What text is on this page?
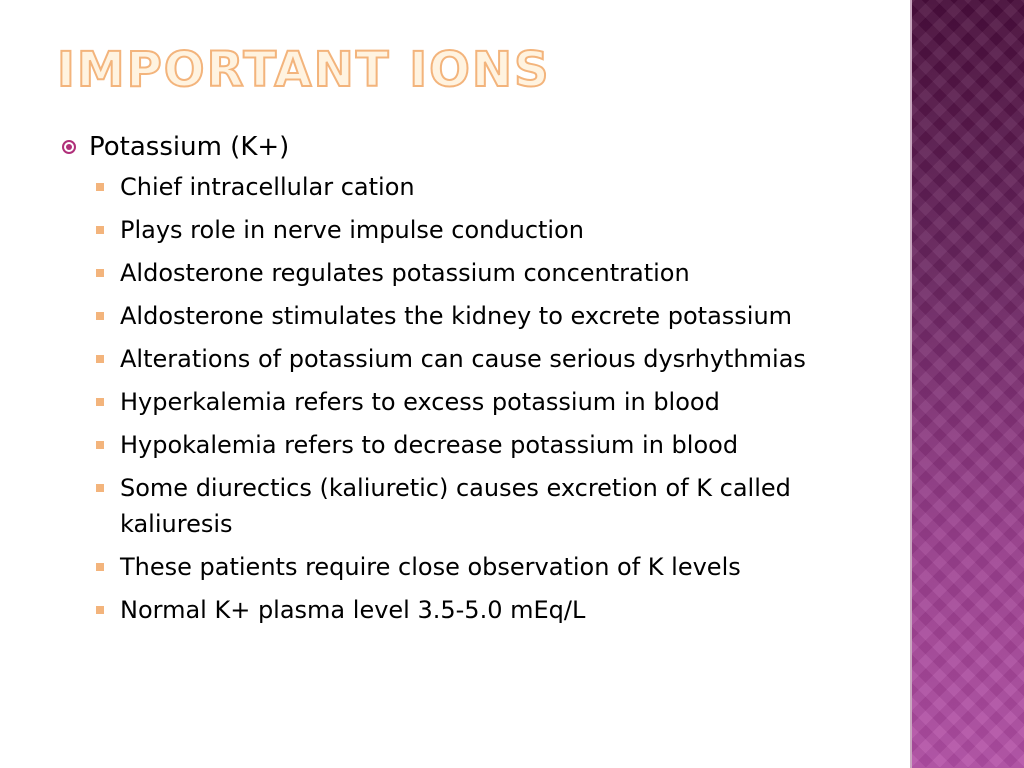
IMPORTANT IONS
Potassium (K+)
Chief intracellular cation
Plays role in nerve impulse conduction
Aldosterone regulates potassium concentration
Aldosterone stimulates the kidney to excrete potassium
Alterations of potassium can cause serious dysrhythmias
Hyperkalemia refers to excess potassium in blood
Hypokalemia refers to decrease potassium in blood
Some diurectics (kaliuretic) causes excretion of K called kaliuresis
These patients require close observation of K levels
Normal K+ plasma level 3.5-5.0 mEq/L
